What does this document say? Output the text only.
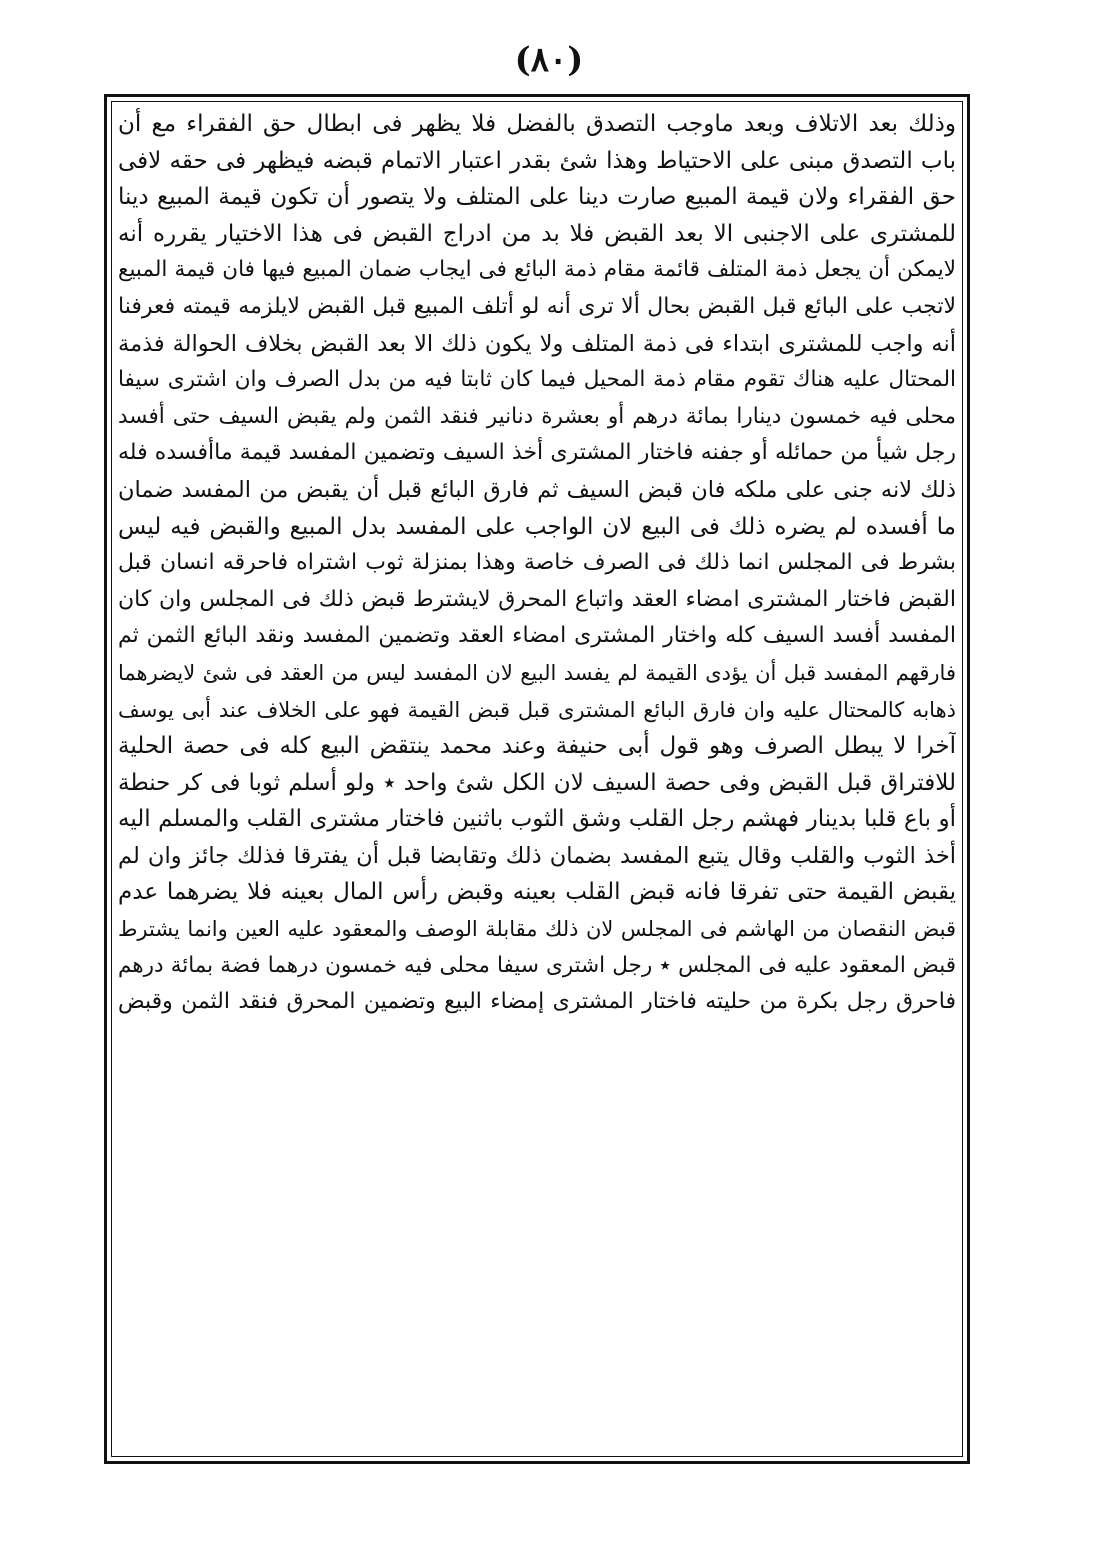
(٨٠)
وذلك بعد الاتلاف وبعد ماوجب التصدق بالفضل فلا يظهر فى ابطال حق الفقراء مع أن
باب التصدق مبنى على الاحتياط وهذا شئ بقدر اعتبار الاتمام قبضه فيظهر فى حقه لافى
حق الفقراء ولان قيمة المبيع صارت دينا على المتلف ولا يتصور أن تكون قيمة المبيع دينا
للمشترى على الاجنبى الا بعد القبض فلا بد من ادراج القبض فى هذا الاختيار يقرره أنه
لايمكن أن يجعل ذمة المتلف قائمة مقام ذمة البائع فى ايجاب ضمان المبيع فيها فان قيمة المبيع
لاتجب على البائع قبل القبض بحال ألا ترى أنه لو أتلف المبيع قبل القبض لايلزمه قيمته فعرفنا
أنه واجب للمشترى ابتداء فى ذمة المتلف ولا يكون ذلك الا بعد القبض بخلاف الحوالة فذمة
المحتال عليه هناك تقوم مقام ذمة المحيل فيما كان ثابتا فيه من بدل الصرف وان اشترى سيفا
محلى فيه خمسون دينارا بمائة درهم أو بعشرة دنانير فنقد الثمن ولم يقبض السيف حتى أفسد
رجل شيأ من حمائله أو جفنه فاختار المشترى أخذ السيف وتضمين المفسد قيمة ماأفسده فله
ذلك لانه جنى على ملكه فان قبض السيف ثم فارق البائع قبل أن يقبض من المفسد ضمان
ما أفسده لم يضره ذلك فى البيع لان الواجب على المفسد بدل المبيع والقبض فيه ليس
بشرط فى المجلس انما ذلك فى الصرف خاصة وهذا بمنزلة ثوب اشتراه فاحرقه انسان قبل
القبض فاختار المشترى امضاء العقد واتباع المحرق لايشترط قبض ذلك فى المجلس وان كان
المفسد أفسد السيف كله واختار المشترى امضاء العقد وتضمين المفسد ونقد البائع الثمن ثم
فارقهم المفسد قبل أن يؤدى القيمة لم يفسد البيع لان المفسد ليس من العقد فى شئ لايضرهما
ذهابه كالمحتال عليه وان فارق البائع المشترى قبل قبض القيمة فهو على الخلاف عند أبى يوسف
آخرا لا يبطل الصرف وهو قول أبى حنيفة وعند محمد ينتقض البيع كله فى حصة الحلية
للافتراق قبل القبض وفى حصة السيف لان الكل شئ واحد ٭ ولو أسلم ثوبا فى كر حنطة
أو باع قلبا بدينار فهشم رجل القلب وشق الثوب باثنين فاختار مشترى القلب والمسلم اليه
أخذ الثوب والقلب وقال يتبع المفسد بضمان ذلك وتقابضا قبل أن يفترقا فذلك جائز وان لم
يقبض القيمة حتى تفرقا فانه قبض القلب بعينه وقبض رأس المال بعينه فلا يضرهما عدم
قبض النقصان من الهاشم فى المجلس لان ذلك مقابلة الوصف والمعقود عليه العين وانما يشترط
قبض المعقود عليه فى المجلس ٭ رجل اشترى سيفا محلى فيه خمسون درهما فضة بمائة درهم
فاحرق رجل بكرة من حليته فاختار المشترى إمضاء البيع وتضمين المحرق فنقد الثمن وقبض
